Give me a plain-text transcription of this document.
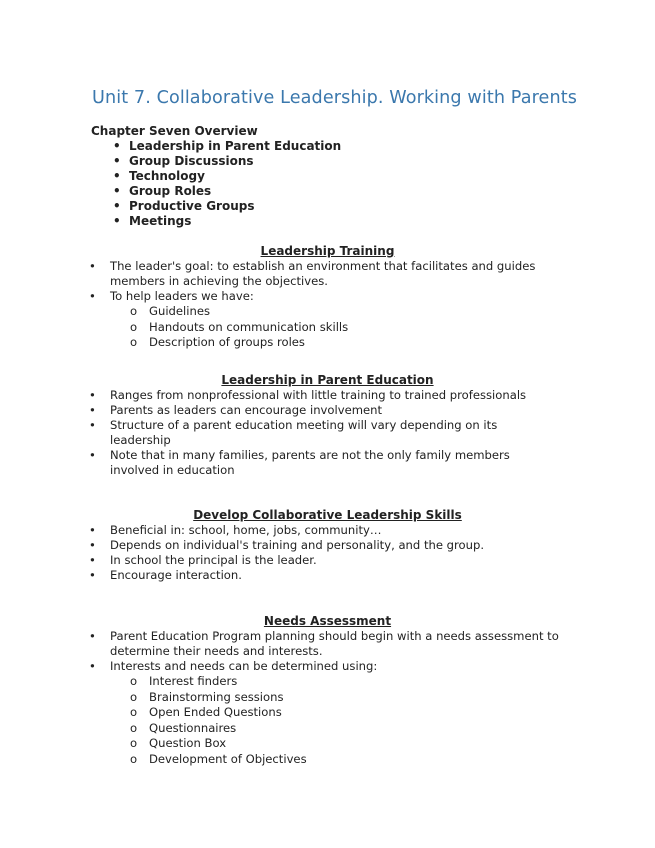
Unit 7. Collaborative Leadership. Working with Parents
Chapter Seven Overview
• Leadership in Parent Education
• Group Discussions
• Technology
• Group Roles
• Productive Groups
• Meetings
Leadership Training
• The leader's goal: to establish an environment that facilitates and guides members in achieving the objectives.
• To help leaders we have:
o Guidelines
o Handouts on communication skills
o Description of groups roles
Leadership in Parent Education
• Ranges from nonprofessional with little training to trained professionals
• Parents as leaders can encourage involvement
• Structure of a parent education meeting will vary depending on its leadership
• Note that in many families, parents are not the only family members involved in education
Develop Collaborative Leadership Skills
• Beneficial in: school, home, jobs, community…
• Depends on individual's training and personality, and the group.
• In school the principal is the leader.
• Encourage interaction.
Needs Assessment
• Parent Education Program planning should begin with a needs assessment to determine their needs and interests.
• Interests and needs can be determined using:
o Interest finders
o Brainstorming sessions
o Open Ended Questions
o Questionnaires
o Question Box
o Development of Objectives
